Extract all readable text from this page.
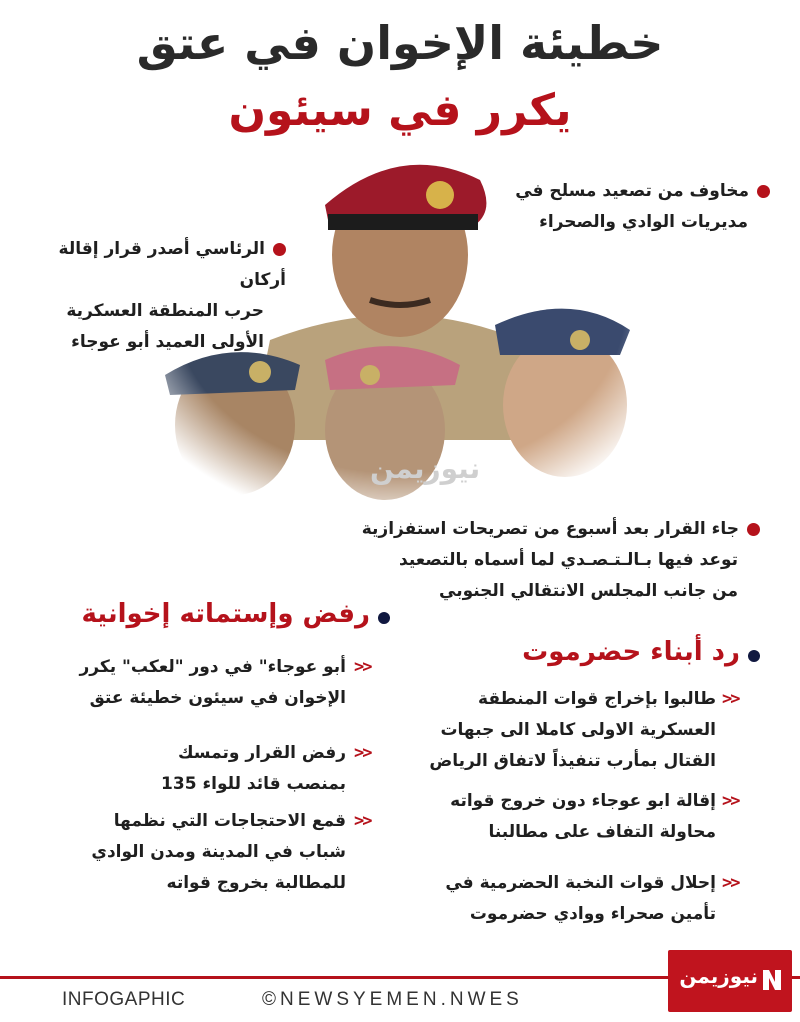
خطيئة الإخوان في عتق
يكرر في سيئون
نيوزيمن
مخاوف من تصعيد مسلح في
مديريات الوادي والصحراء
الرئاسي أصدر قرار إقالة أركان
حرب المنطقة العسكرية
الأولى العميد أبو عوجاء
جاء القرار بعد أسبوع من تصريحات استفزازية
توعد فيها بـالـتـصـدي لما أسماه بالتصعيد
من جانب المجلس الانتقالي الجنوبي
رفض وإستماته إخوانية
رد أبناء حضرموت
أبو عوجاء" في دور "لعكب" يكرر
الإخوان في سيئون خطيئة عتق
>>
رفض القرار وتمسك
بمنصب قائد للواء 135
>>
قمع الاحتجاجات التي نظمها
شباب في المدينة ومدن الوادي
للمطالبة بخروج قواته
>>
طالبوا بإخراج قوات المنطقة
العسكرية الاولى كاملا الى جبهات
القتال بمأرب تنفيذاً لاتفاق الرياض
>>
إقالة ابو عوجاء دون خروج قواته
محاولة التفاف على مطالبنا
>>
إحلال قوات النخبة الحضرمية في
تأمين صحراء ووادي حضرموت
>>
INFOGAPHIC	©NEWSYEMEN.NWES
نيوزيمن
